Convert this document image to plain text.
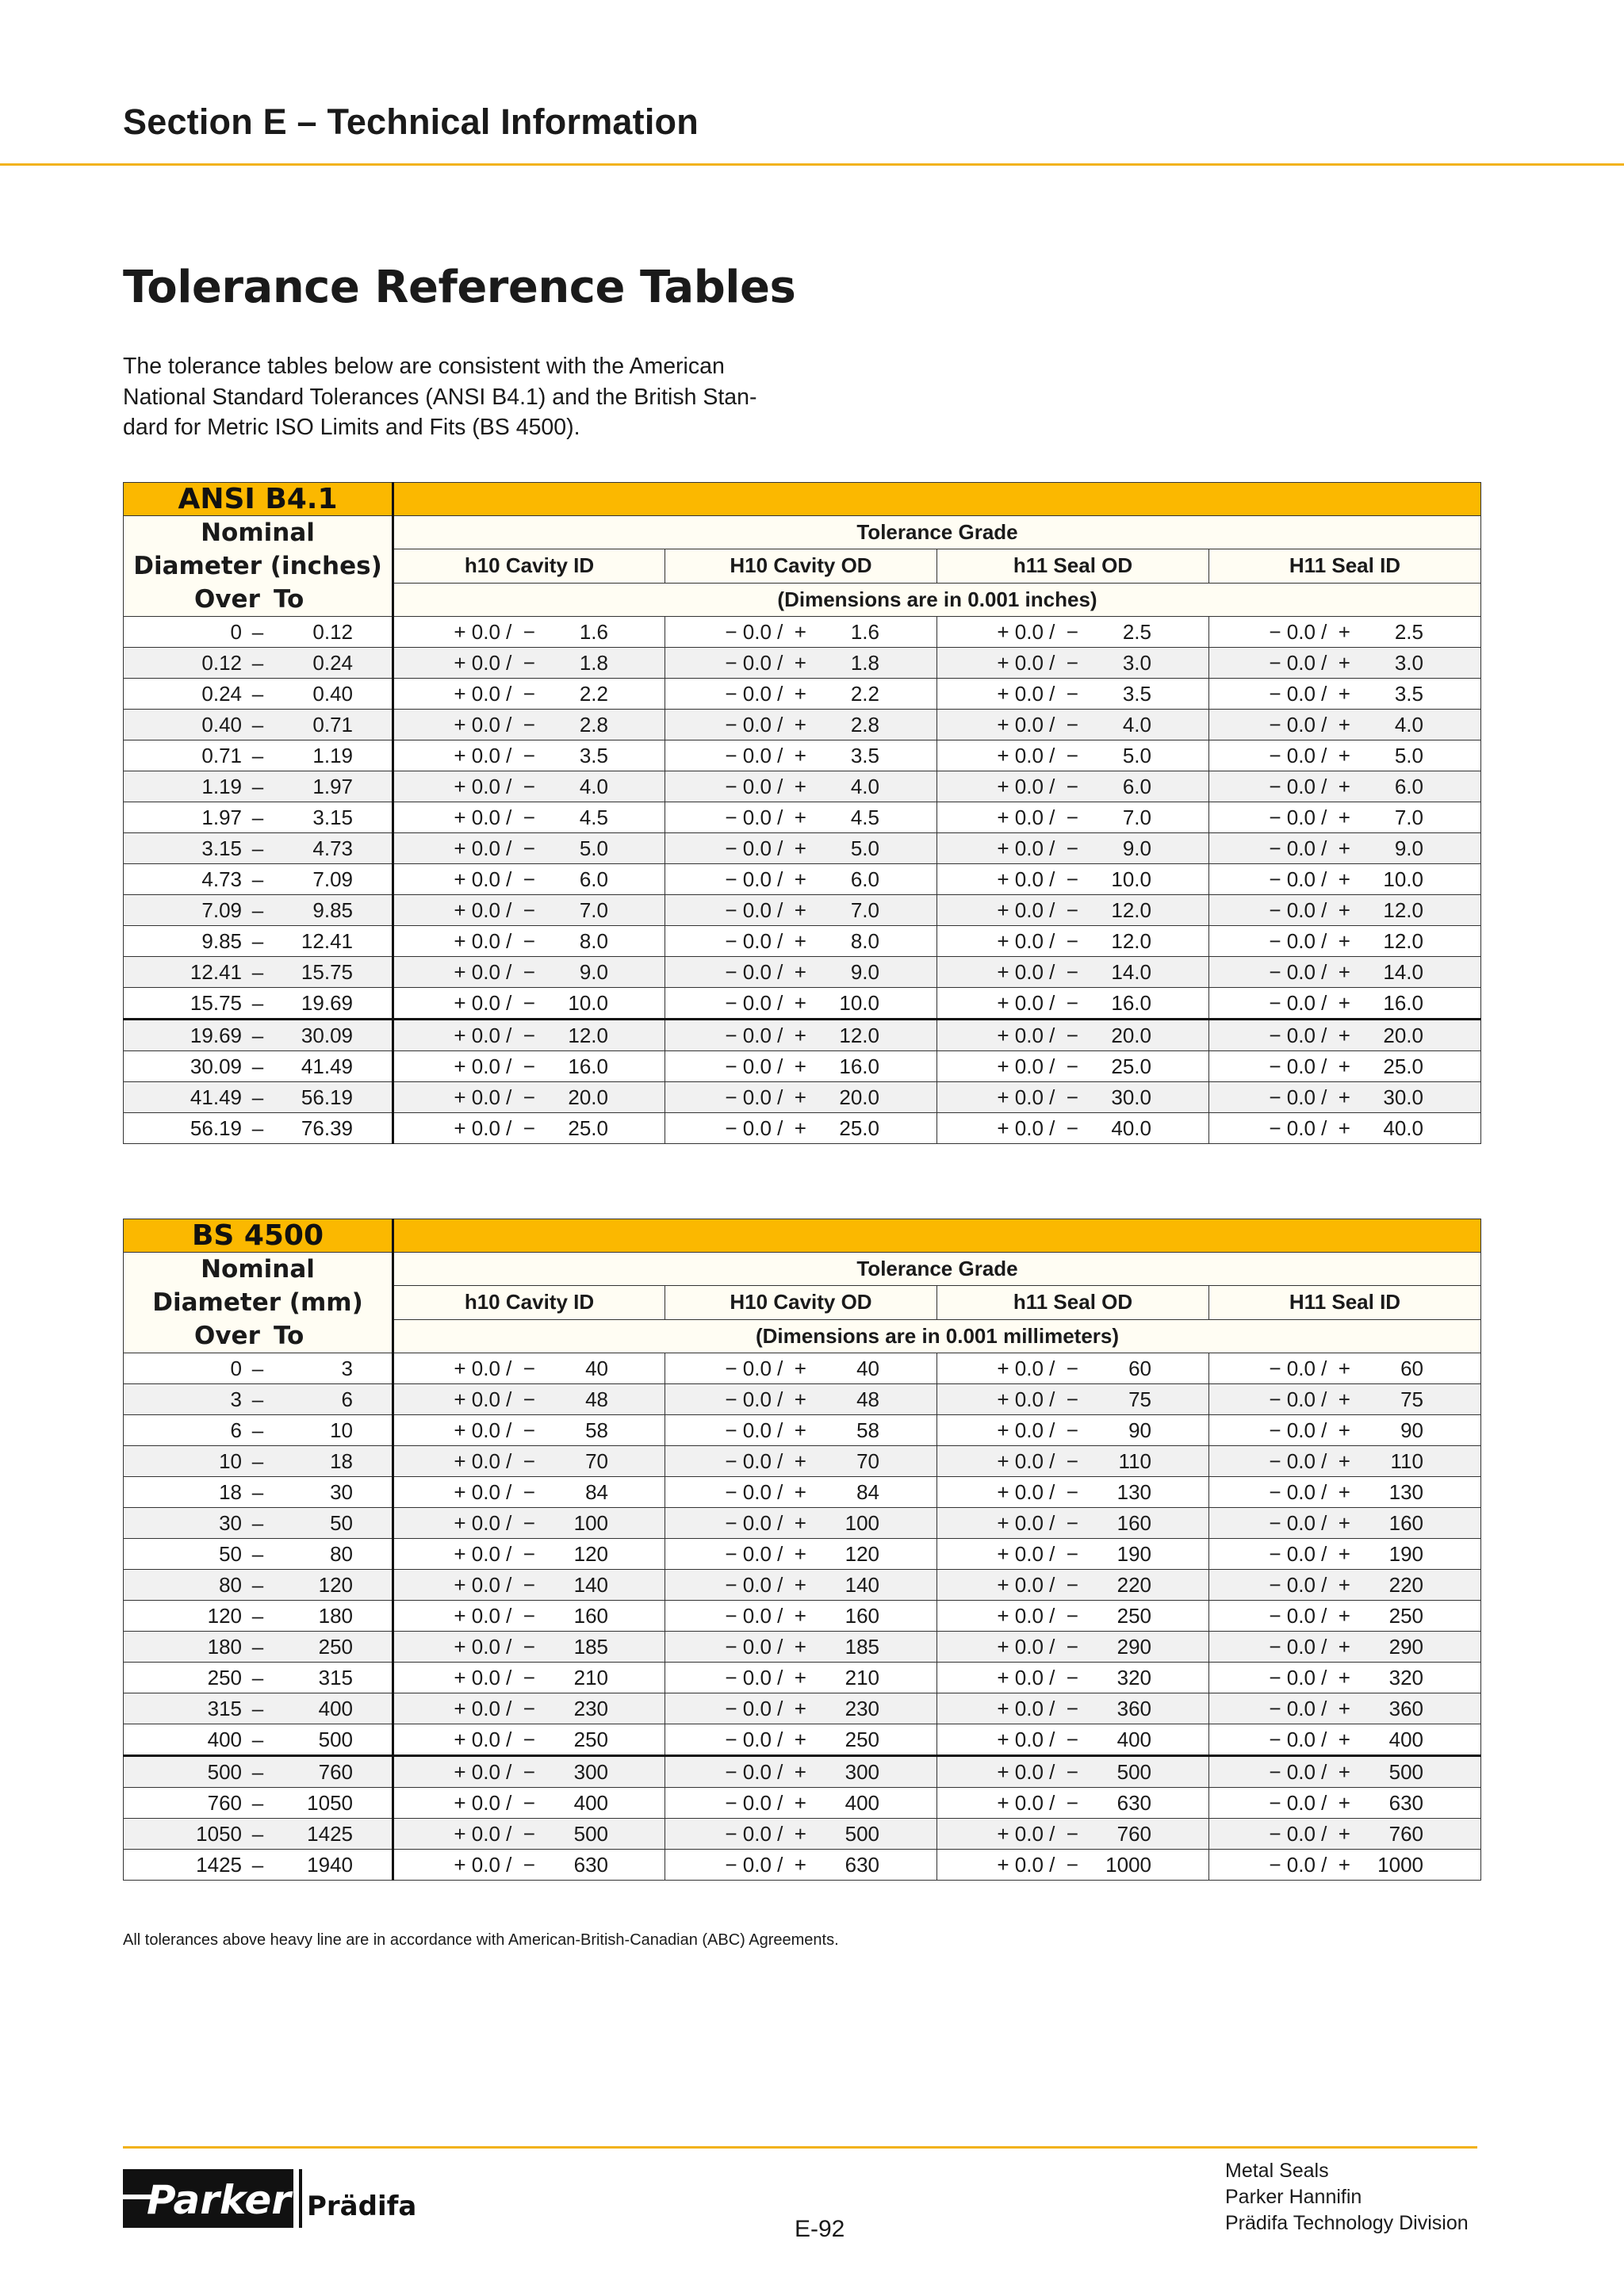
Section E – Technical Information
Tolerance Reference Tables
The tolerance tables below are consistent with the American
National Standard Tolerances (ANSI B4.1) and the British Stan-
dard for Metric ISO Limits and Fits (BS 4500).
ANSI B4.1				

Nominal
Diameter (inches)
Over To	Tolerance Grade			
	h10 Cavity ID	H10 Cavity OD	h11 Seal OD	H11 Seal ID
	(Dimensions are in 0.001 inches)			
0 – 0.12	+ 0.0 /  − 1.6	− 0.0 /  + 1.6	+ 0.0 /  − 2.5	− 0.0 /  + 2.5
0.12 – 0.24	+ 0.0 /  − 1.8	− 0.0 /  + 1.8	+ 0.0 /  − 3.0	− 0.0 /  + 3.0
0.24 – 0.40	+ 0.0 /  − 2.2	− 0.0 /  + 2.2	+ 0.0 /  − 3.5	− 0.0 /  + 3.5
0.40 – 0.71	+ 0.0 /  − 2.8	− 0.0 /  + 2.8	+ 0.0 /  − 4.0	− 0.0 /  + 4.0
0.71 – 1.19	+ 0.0 /  − 3.5	− 0.0 /  + 3.5	+ 0.0 /  − 5.0	− 0.0 /  + 5.0
1.19 – 1.97	+ 0.0 /  − 4.0	− 0.0 /  + 4.0	+ 0.0 /  − 6.0	− 0.0 /  + 6.0
1.97 – 3.15	+ 0.0 /  − 4.5	− 0.0 /  + 4.5	+ 0.0 /  − 7.0	− 0.0 /  + 7.0
3.15 – 4.73	+ 0.0 /  − 5.0	− 0.0 /  + 5.0	+ 0.0 /  − 9.0	− 0.0 /  + 9.0
4.73 – 7.09	+ 0.0 /  − 6.0	− 0.0 /  + 6.0	+ 0.0 /  − 10.0	− 0.0 /  + 10.0
7.09 – 9.85	+ 0.0 /  − 7.0	− 0.0 /  + 7.0	+ 0.0 /  − 12.0	− 0.0 /  + 12.0
9.85 – 12.41	+ 0.0 /  − 8.0	− 0.0 /  + 8.0	+ 0.0 /  − 12.0	− 0.0 /  + 12.0
12.41 – 15.75	+ 0.0 /  − 9.0	− 0.0 /  + 9.0	+ 0.0 /  − 14.0	− 0.0 /  + 14.0
15.75 – 19.69	+ 0.0 /  − 10.0	− 0.0 /  + 10.0	+ 0.0 /  − 16.0	− 0.0 /  + 16.0
19.69 – 30.09	+ 0.0 /  − 12.0	− 0.0 /  + 12.0	+ 0.0 /  − 20.0	− 0.0 /  + 20.0
30.09 – 41.49	+ 0.0 /  − 16.0	− 0.0 /  + 16.0	+ 0.0 /  − 25.0	− 0.0 /  + 25.0
41.49 – 56.19	+ 0.0 /  − 20.0	− 0.0 /  + 20.0	+ 0.0 /  − 30.0	− 0.0 /  + 30.0
56.19 – 76.39	+ 0.0 /  − 25.0	− 0.0 /  + 25.0	+ 0.0 /  − 40.0	− 0.0 /  + 40.0
BS 4500				

Nominal
Diameter (mm)
Over To	Tolerance Grade			
	h10 Cavity ID	H10 Cavity OD	h11 Seal OD	H11 Seal ID
	(Dimensions are in 0.001 millimeters)			
0 – 3	+ 0.0 /  − 40	− 0.0 /  + 40	+ 0.0 /  − 60	− 0.0 /  + 60
3 – 6	+ 0.0 /  − 48	− 0.0 /  + 48	+ 0.0 /  − 75	− 0.0 /  + 75
6 – 10	+ 0.0 /  − 58	− 0.0 /  + 58	+ 0.0 /  − 90	− 0.0 /  + 90
10 – 18	+ 0.0 /  − 70	− 0.0 /  + 70	+ 0.0 /  − 110	− 0.0 /  + 110
18 – 30	+ 0.0 /  − 84	− 0.0 /  + 84	+ 0.0 /  − 130	− 0.0 /  + 130
30 – 50	+ 0.0 /  − 100	− 0.0 /  + 100	+ 0.0 /  − 160	− 0.0 /  + 160
50 – 80	+ 0.0 /  − 120	− 0.0 /  + 120	+ 0.0 /  − 190	− 0.0 /  + 190
80 – 120	+ 0.0 /  − 140	− 0.0 /  + 140	+ 0.0 /  − 220	− 0.0 /  + 220
120 – 180	+ 0.0 /  − 160	− 0.0 /  + 160	+ 0.0 /  − 250	− 0.0 /  + 250
180 – 250	+ 0.0 /  − 185	− 0.0 /  + 185	+ 0.0 /  − 290	− 0.0 /  + 290
250 – 315	+ 0.0 /  − 210	− 0.0 /  + 210	+ 0.0 /  − 320	− 0.0 /  + 320
315 – 400	+ 0.0 /  − 230	− 0.0 /  + 230	+ 0.0 /  − 360	− 0.0 /  + 360
400 – 500	+ 0.0 /  − 250	− 0.0 /  + 250	+ 0.0 /  − 400	− 0.0 /  + 400
500 – 760	+ 0.0 /  − 300	− 0.0 /  + 300	+ 0.0 /  − 500	− 0.0 /  + 500
760 – 1050	+ 0.0 /  − 400	− 0.0 /  + 400	+ 0.0 /  − 630	− 0.0 /  + 630
1050 – 1425	+ 0.0 /  − 500	− 0.0 /  + 500	+ 0.0 /  − 760	− 0.0 /  + 760
1425 – 1940	+ 0.0 /  − 630	− 0.0 /  + 630	+ 0.0 /  − 1000	− 0.0 /  + 1000
All tolerances above heavy line are in accordance with American-British-Canadian (ABC) Agreements.
Parker Prädifa
E-92
Metal Seals
Parker Hannifin
Prädifa Technology Division
